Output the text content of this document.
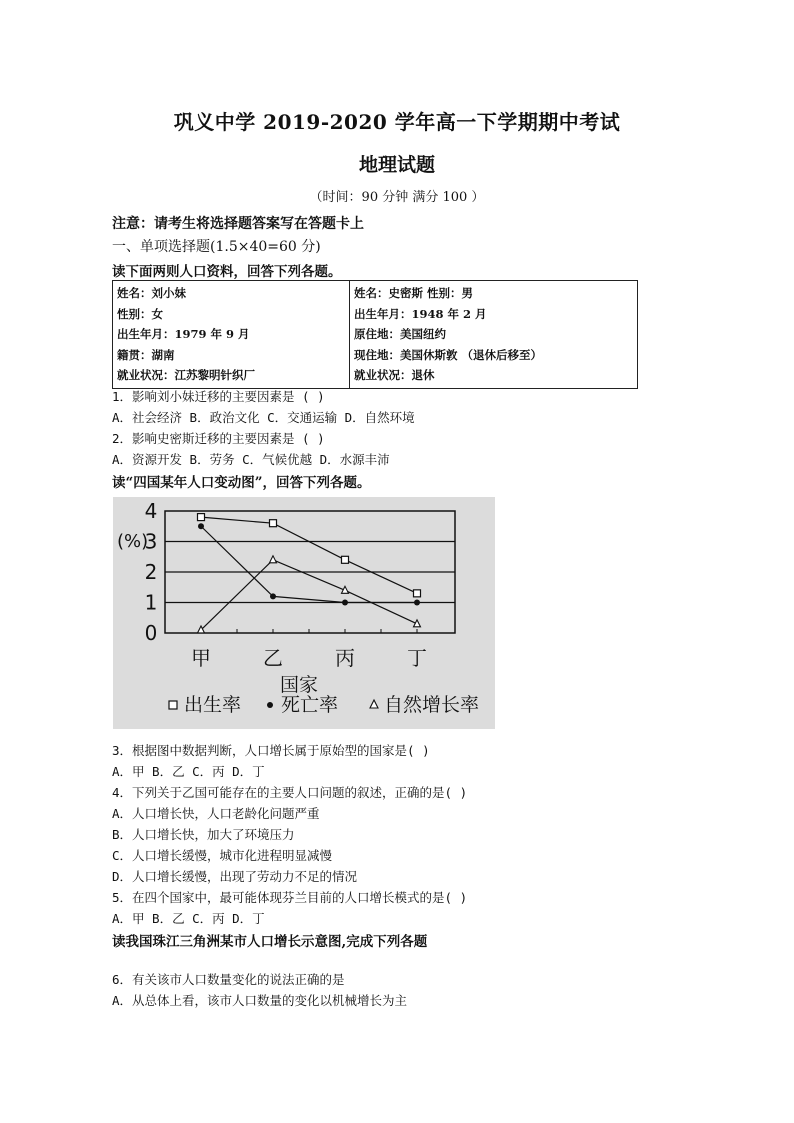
巩义中学 2019-2020 学年高一下学期期中考试
地理试题
（时间：90 分钟 满分 100 ）
注意：请考生将选择题答案写在答题卡上
一、单项选择题(1.5×40=60 分)
读下面两则人口资料，回答下列各题。
姓名：刘小妹
性别：女
出生年月：1979 年 9 月
籍贯：湖南
就业状况：江苏黎明针织厂

姓名：史密斯 性别：男
出生年月：1948 年 2 月
原住地：美国纽约
现住地：美国休斯敦 （退休后移至）
就业状况：退休
1．影响刘小妹迁移的主要因素是 ( )
A．社会经济 B．政治文化 C．交通运输 D．自然环境
2．影响史密斯迁移的主要因素是 ( )
A．资源开发 B．劳务 C．气候优越 D．水源丰沛
读“四国某年人口变动图”，回答下列各题。
0
1
2
3
4
(%)
甲	乙	丙	丁
国家
出生率 死亡率 自然增长率
3．根据图中数据判断，人口增长属于原始型的国家是( )
A．甲 B．乙 C．丙 D．丁
4．下列关于乙国可能存在的主要人口问题的叙述，正确的是( )
A．人口增长快，人口老龄化问题严重
B．人口增长快，加大了环境压力
C．人口增长缓慢，城市化进程明显减慢
D．人口增长缓慢，出现了劳动力不足的情况
5．在四个国家中，最可能体现芬兰目前的人口增长模式的是( )
A．甲 B．乙 C．丙 D．丁
读我国珠江三角洲某市人口增长示意图,完成下列各题
6．有关该市人口数量变化的说法正确的是
A．从总体上看，该市人口数量的变化以机械增长为主
